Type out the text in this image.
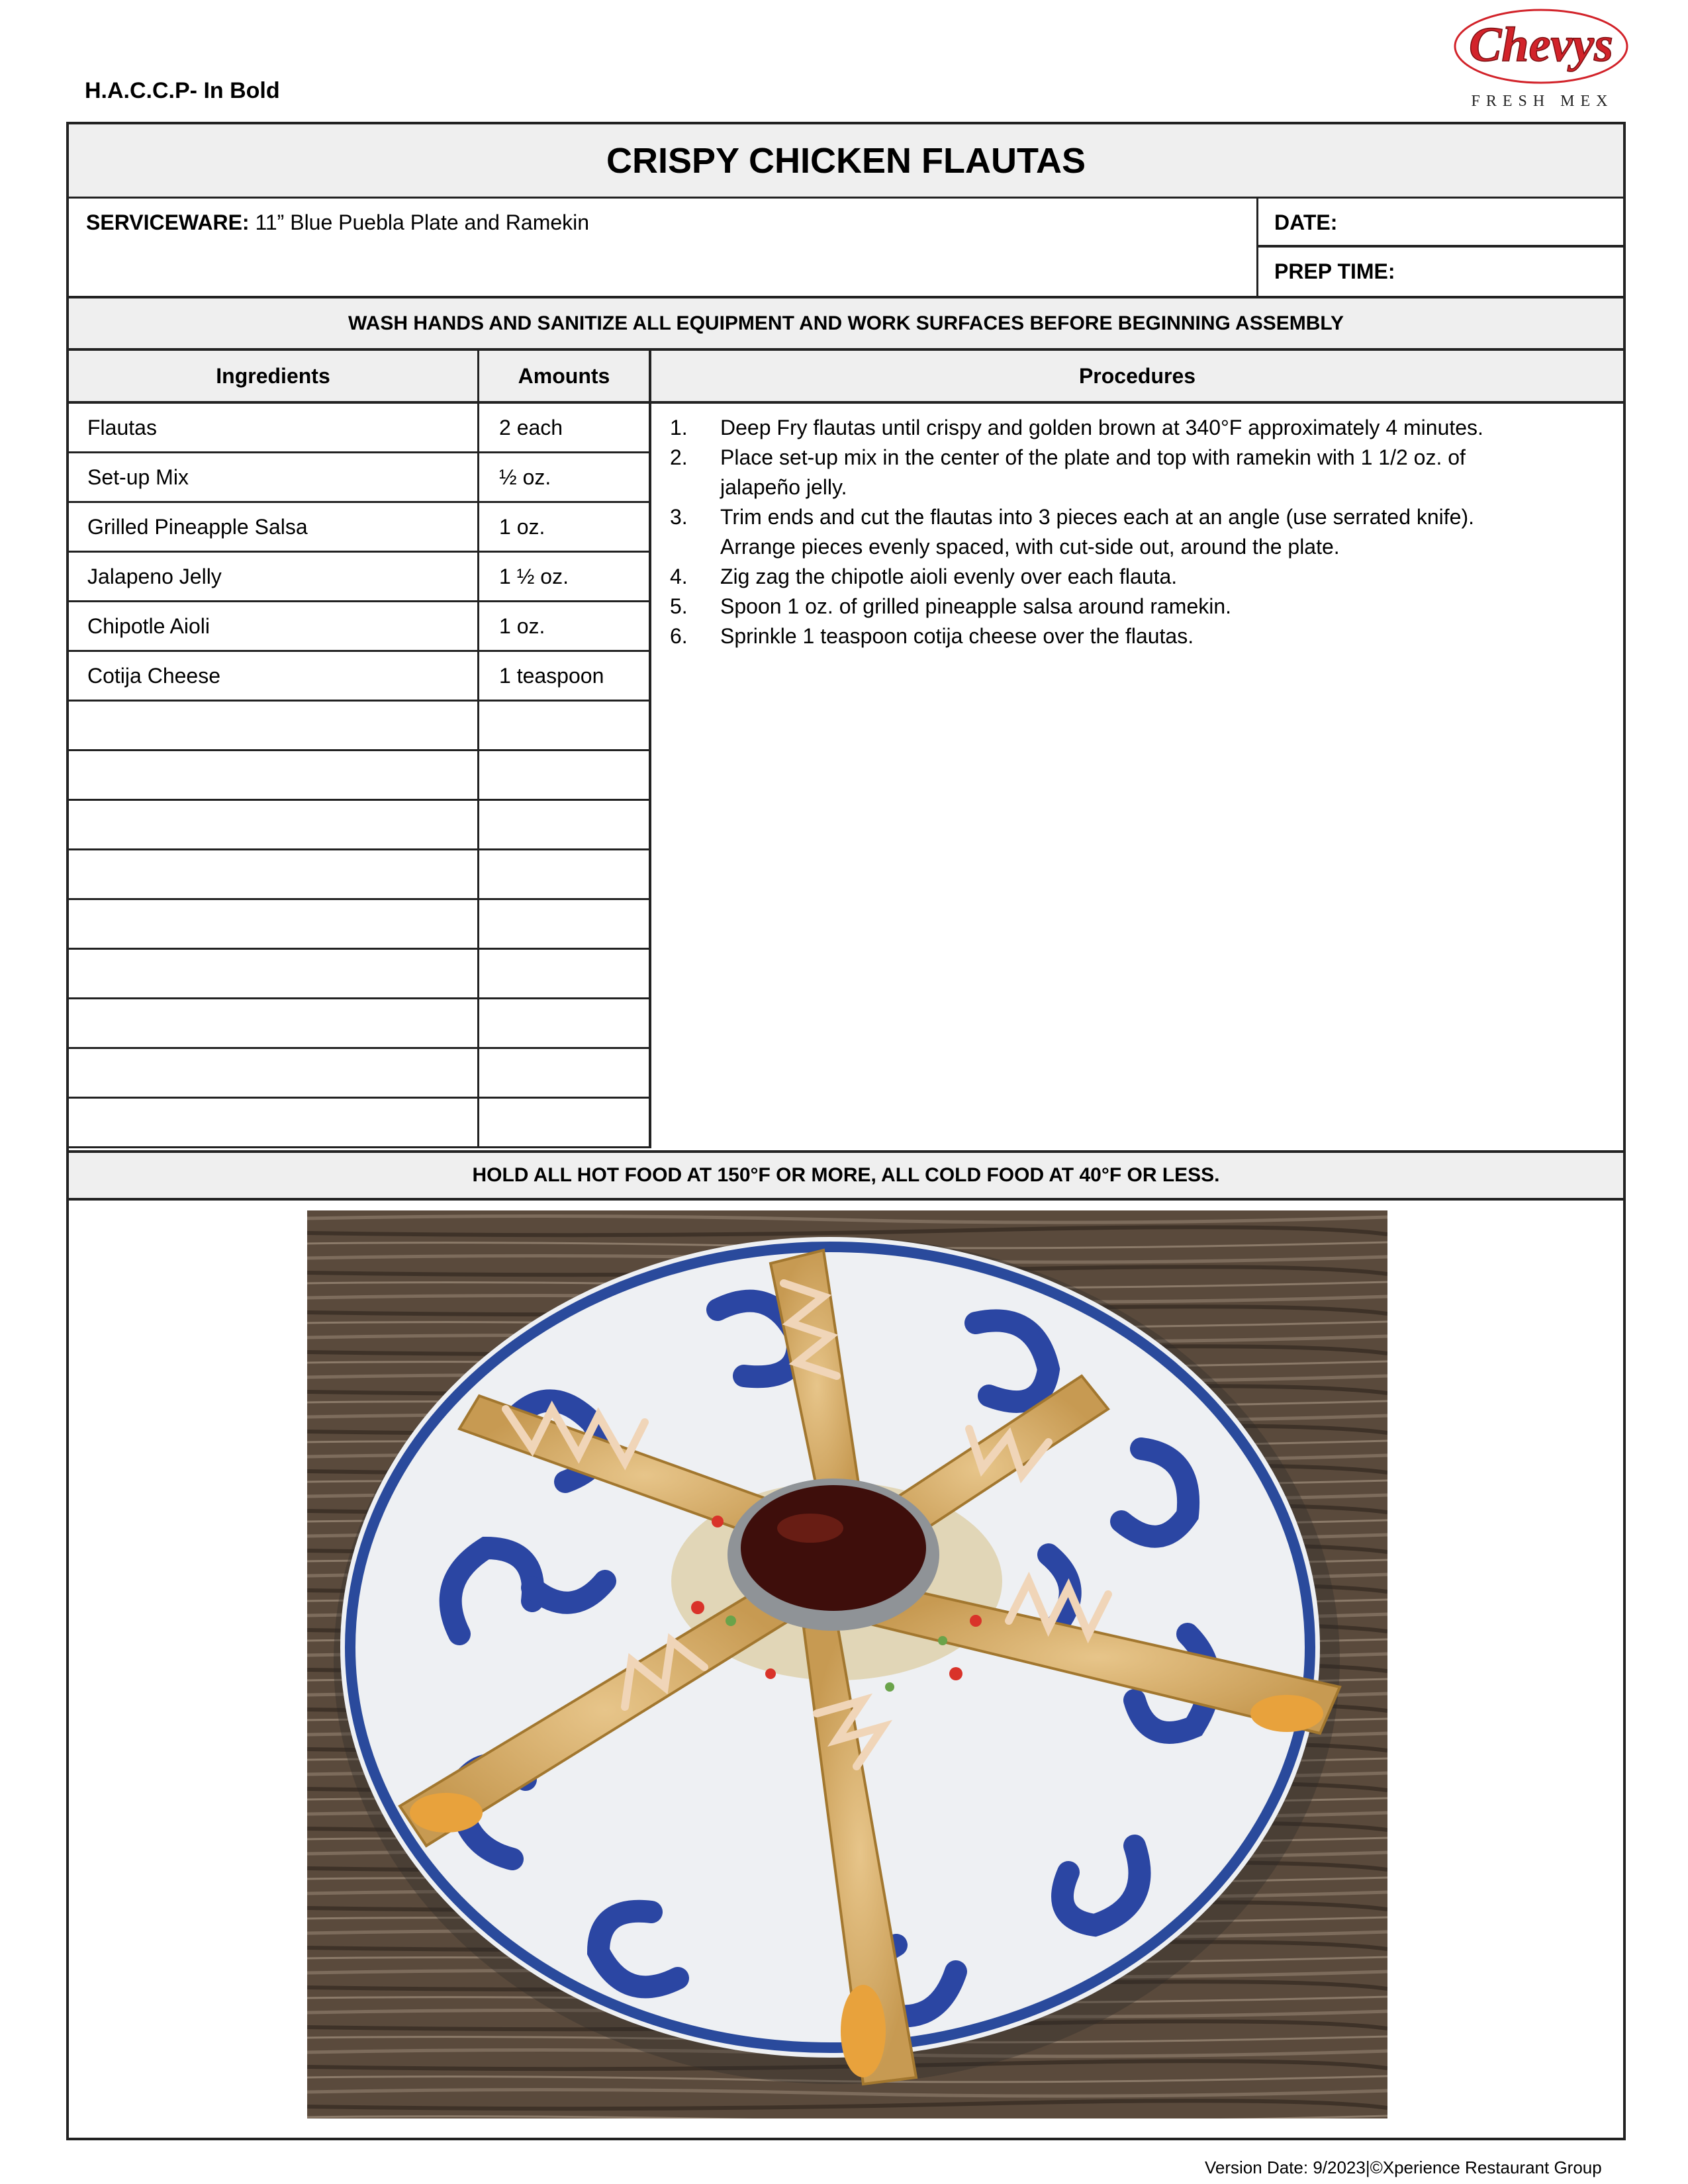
H.A.C.C.P- In Bold
Chevys
FRESH MEX
CRISPY CHICKEN FLAUTAS
SERVICEWARE: 11” Blue Puebla Plate and Ramekin	DATE:
PREP TIME:
WASH HANDS AND SANITIZE ALL EQUIPMENT AND WORK SURFACES BEFORE BEGINNING ASSEMBLY
Ingredients	Amounts	Procedures
Flautas	2 each
Set-up Mix	½ oz.
Grilled Pineapple Salsa	1 oz.
Jalapeno Jelly	1 ½ oz.
Chipotle Aioli	1 oz.
Cotija Cheese	1 teaspoon
1.	Deep Fry flautas until crispy and golden brown at 340°F approximately 4 minutes.
2.	Place set-up mix in the center of the plate and top with ramekin with 1 1/2 oz. of
jalapeño jelly.
3.	Trim ends and cut the flautas into 3 pieces each at an angle (use serrated knife).
Arrange pieces evenly spaced, with cut-side out, around the plate.
4.	Zig zag the chipotle aioli evenly over each flauta.
5.	Spoon 1 oz. of grilled pineapple salsa around ramekin.
6.	Sprinkle 1 teaspoon cotija cheese over the flautas.
HOLD ALL HOT FOOD AT 150°F OR MORE, ALL COLD FOOD AT 40°F OR LESS.
Version Date: 9/2023|©Xperience Restaurant Group
